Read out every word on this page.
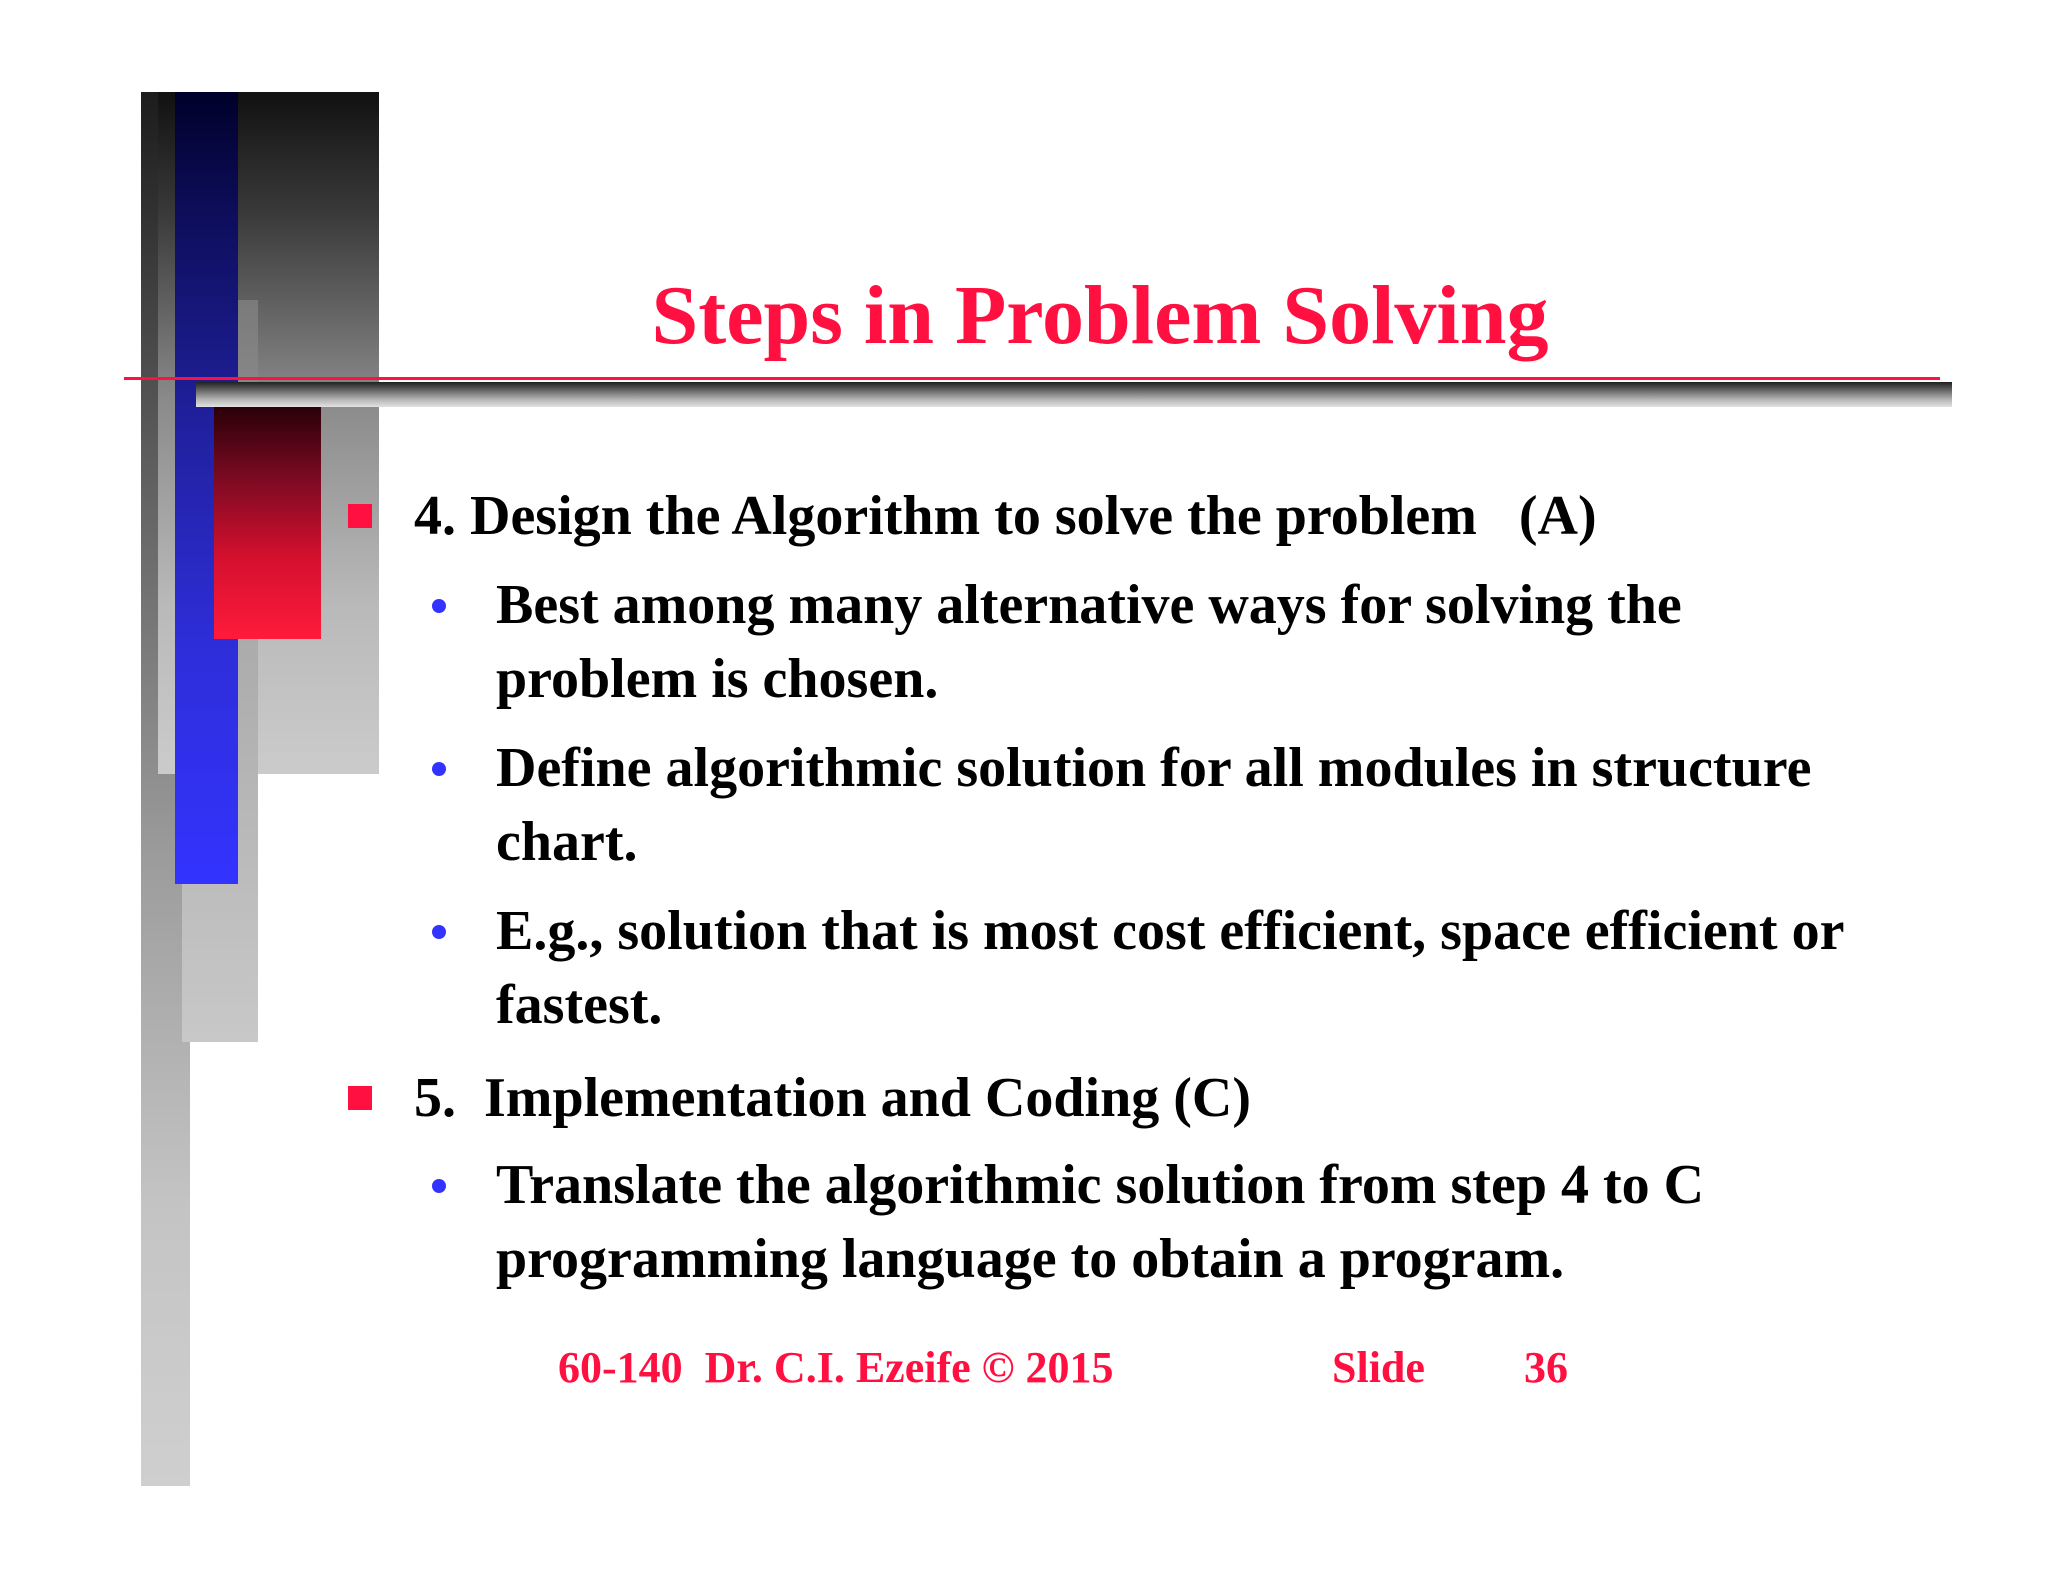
Steps in Problem Solving
4. Design the Algorithm to solve the problem   (A)
Best among many alternative ways for solving the problem is chosen.
Define algorithmic solution for all modules in structure chart.
E.g., solution that is most cost efficient, space efficient or fastest.
5.  Implementation and Coding (C)
Translate the algorithmic solution from step 4 to C programming language to obtain a program.
60-140  Dr. C.I. Ezeife © 2015	Slide 36
